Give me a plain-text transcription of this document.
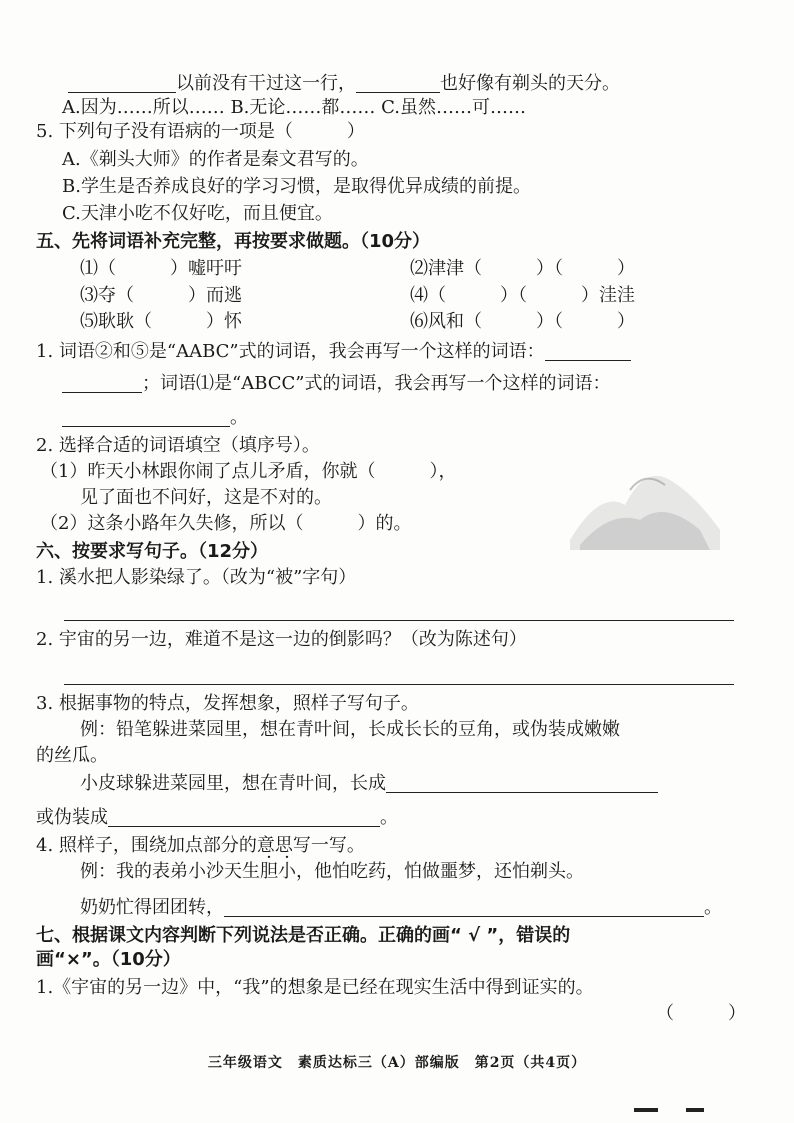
以前没有干过这一行，	也好像有剃头的天分。
A.因为……所以…… B.无论……都…… C.虽然……可……
5. 下列句子没有语病的一项是（　　　）
A.《剃头大师》的作者是秦文君写的。
B.学生是否养成良好的学习习惯，是取得优异成绩的前提。
C.天津小吃不仅好吃，而且便宜。
五、先将词语补充完整，再按要求做题。（10分）
⑴（　　　）嘘吁吁	⑵津津（　　　）（　　　）
⑶夺（　　　）而逃	⑷（　　　）（　　　）洼洼
⑸耿耿（　　　）怀	⑹风和（　　　）（　　　）
1. 词语②和⑤是“AABC”式的词语，我会再写一个这样的词语：
；词语⑴是“ABCC”式的词语，我会再写一个这样的词语：
。
2. 选择合适的词语填空（填序号）。
（1）昨天小林跟你闹了点儿矛盾，你就（　　　），
见了面也不问好，这是不对的。
（2）这条小路年久失修，所以（　　　）的。
六、按要求写句子。（12分）
1. 溪水把人影染绿了。（改为“被”字句）
2. 宇宙的另一边，难道不是这一边的倒影吗？（改为陈述句）
3. 根据事物的特点，发挥想象，照样子写句子。
例：铅笔躲进菜园里，想在青叶间，长成长长的豆角，或伪装成嫩嫩
的丝瓜。
小皮球躲进菜园里，想在青叶间，长成
或伪装成	。
4. 照样子，围绕加点部分的意思写一写。
例：我的表弟小沙天生胆小，他怕吃药，怕做噩梦，还怕剃头。
奶奶忙得团团转，	。
七、根据课文内容判断下列说法是否正确。正确的画“ √ ”，错误的
画“×”。（10分）
1.《宇宙的另一边》中，“我”的想象是已经在现实生活中得到证实的。
（　　　）
三年级语文　素质达标三（A）部编版　第2页（共4页）
